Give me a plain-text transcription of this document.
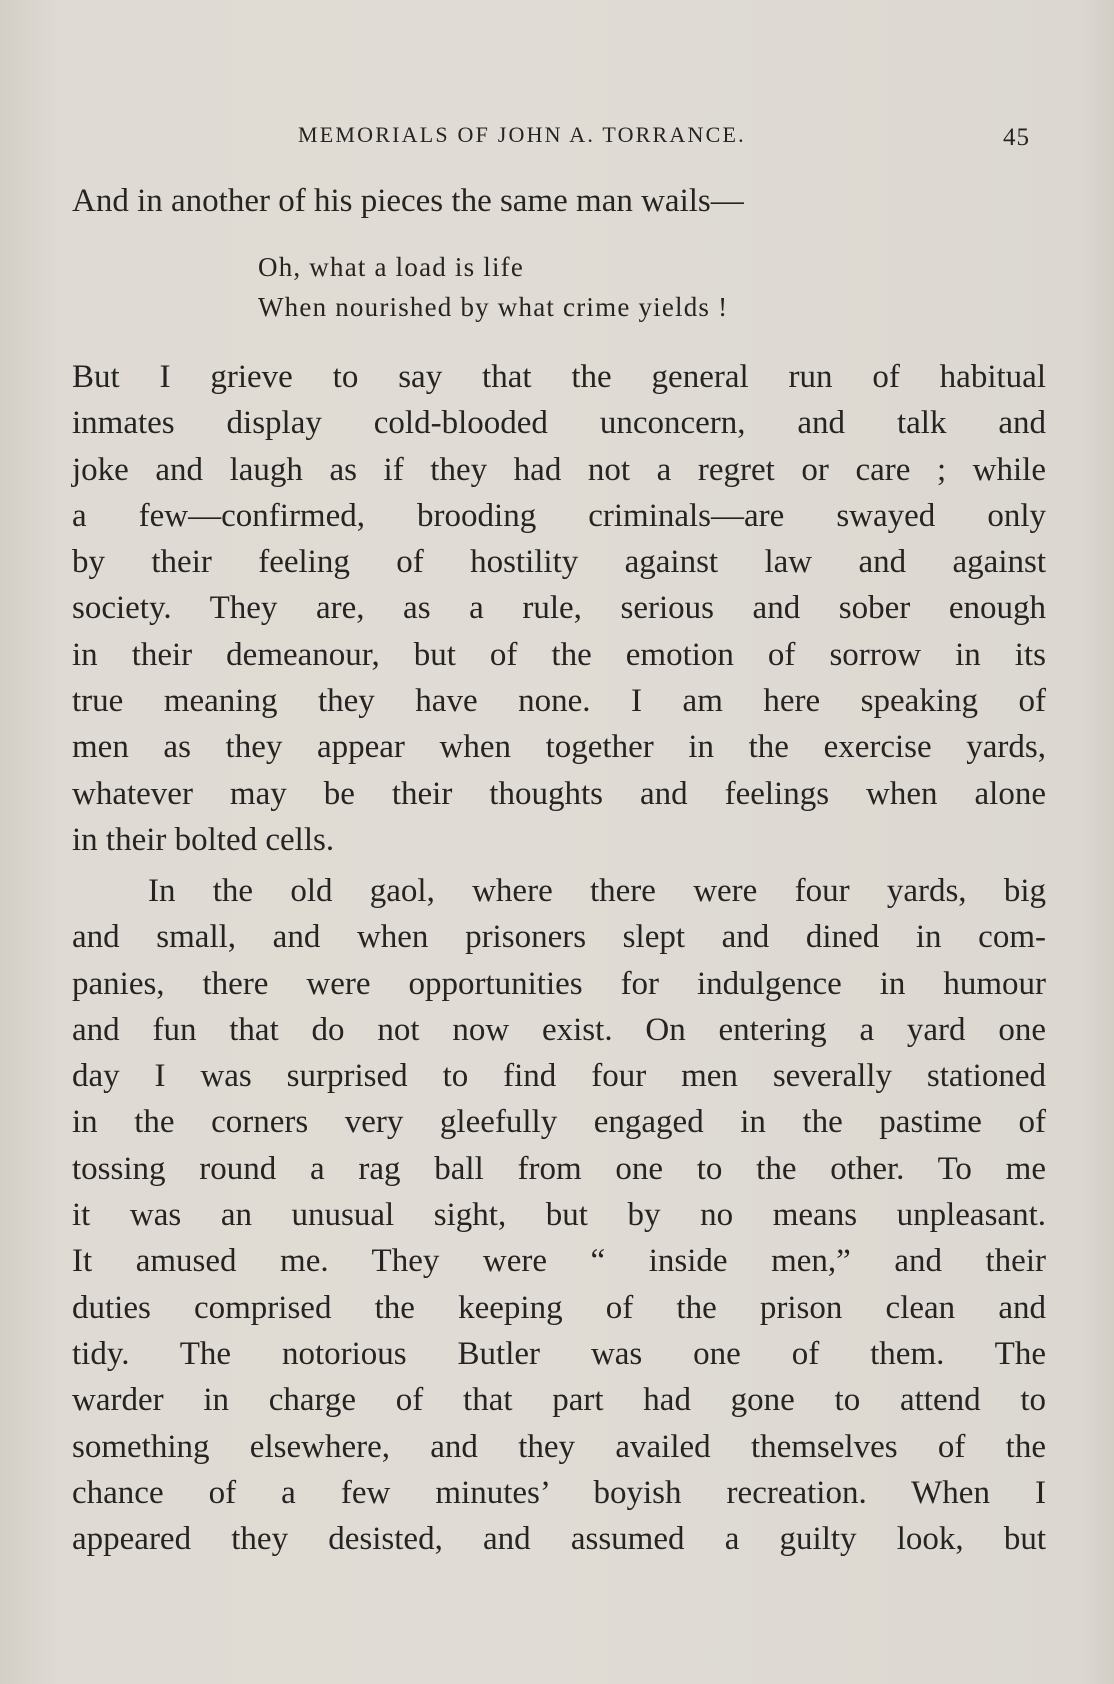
MEMORIALS OF JOHN A. TORRANCE.	45
And in another of his pieces the same man wails—
Oh, what a load is life
When nourished by what crime yields !
But I grieve to say that the general run of habitual
inmates display cold-blooded unconcern, and talk and
joke and laugh as if they had not a regret or care ; while
a few—confirmed, brooding criminals—are swayed only
by their feeling of hostility against law and against
society. They are, as a rule, serious and sober enough
in their demeanour, but of the emotion of sorrow in its
true meaning they have none. I am here speaking of
men as they appear when together in the exercise yards,
whatever may be their thoughts and feelings when alone
in their bolted cells.
In the old gaol, where there were four yards, big
and small, and when prisoners slept and dined in com-
panies, there were opportunities for indulgence in humour
and fun that do not now exist. On entering a yard one
day I was surprised to find four men severally stationed
in the corners very gleefully engaged in the pastime of
tossing round a rag ball from one to the other. To me
it was an unusual sight, but by no means unpleasant.
It amused me. They were “ inside men,” and their
duties comprised the keeping of the prison clean and
tidy. The notorious Butler was one of them. The
warder in charge of that part had gone to attend to
something elsewhere, and they availed themselves of the
chance of a few minutes’ boyish recreation. When I
appeared they desisted, and assumed a guilty look, but
